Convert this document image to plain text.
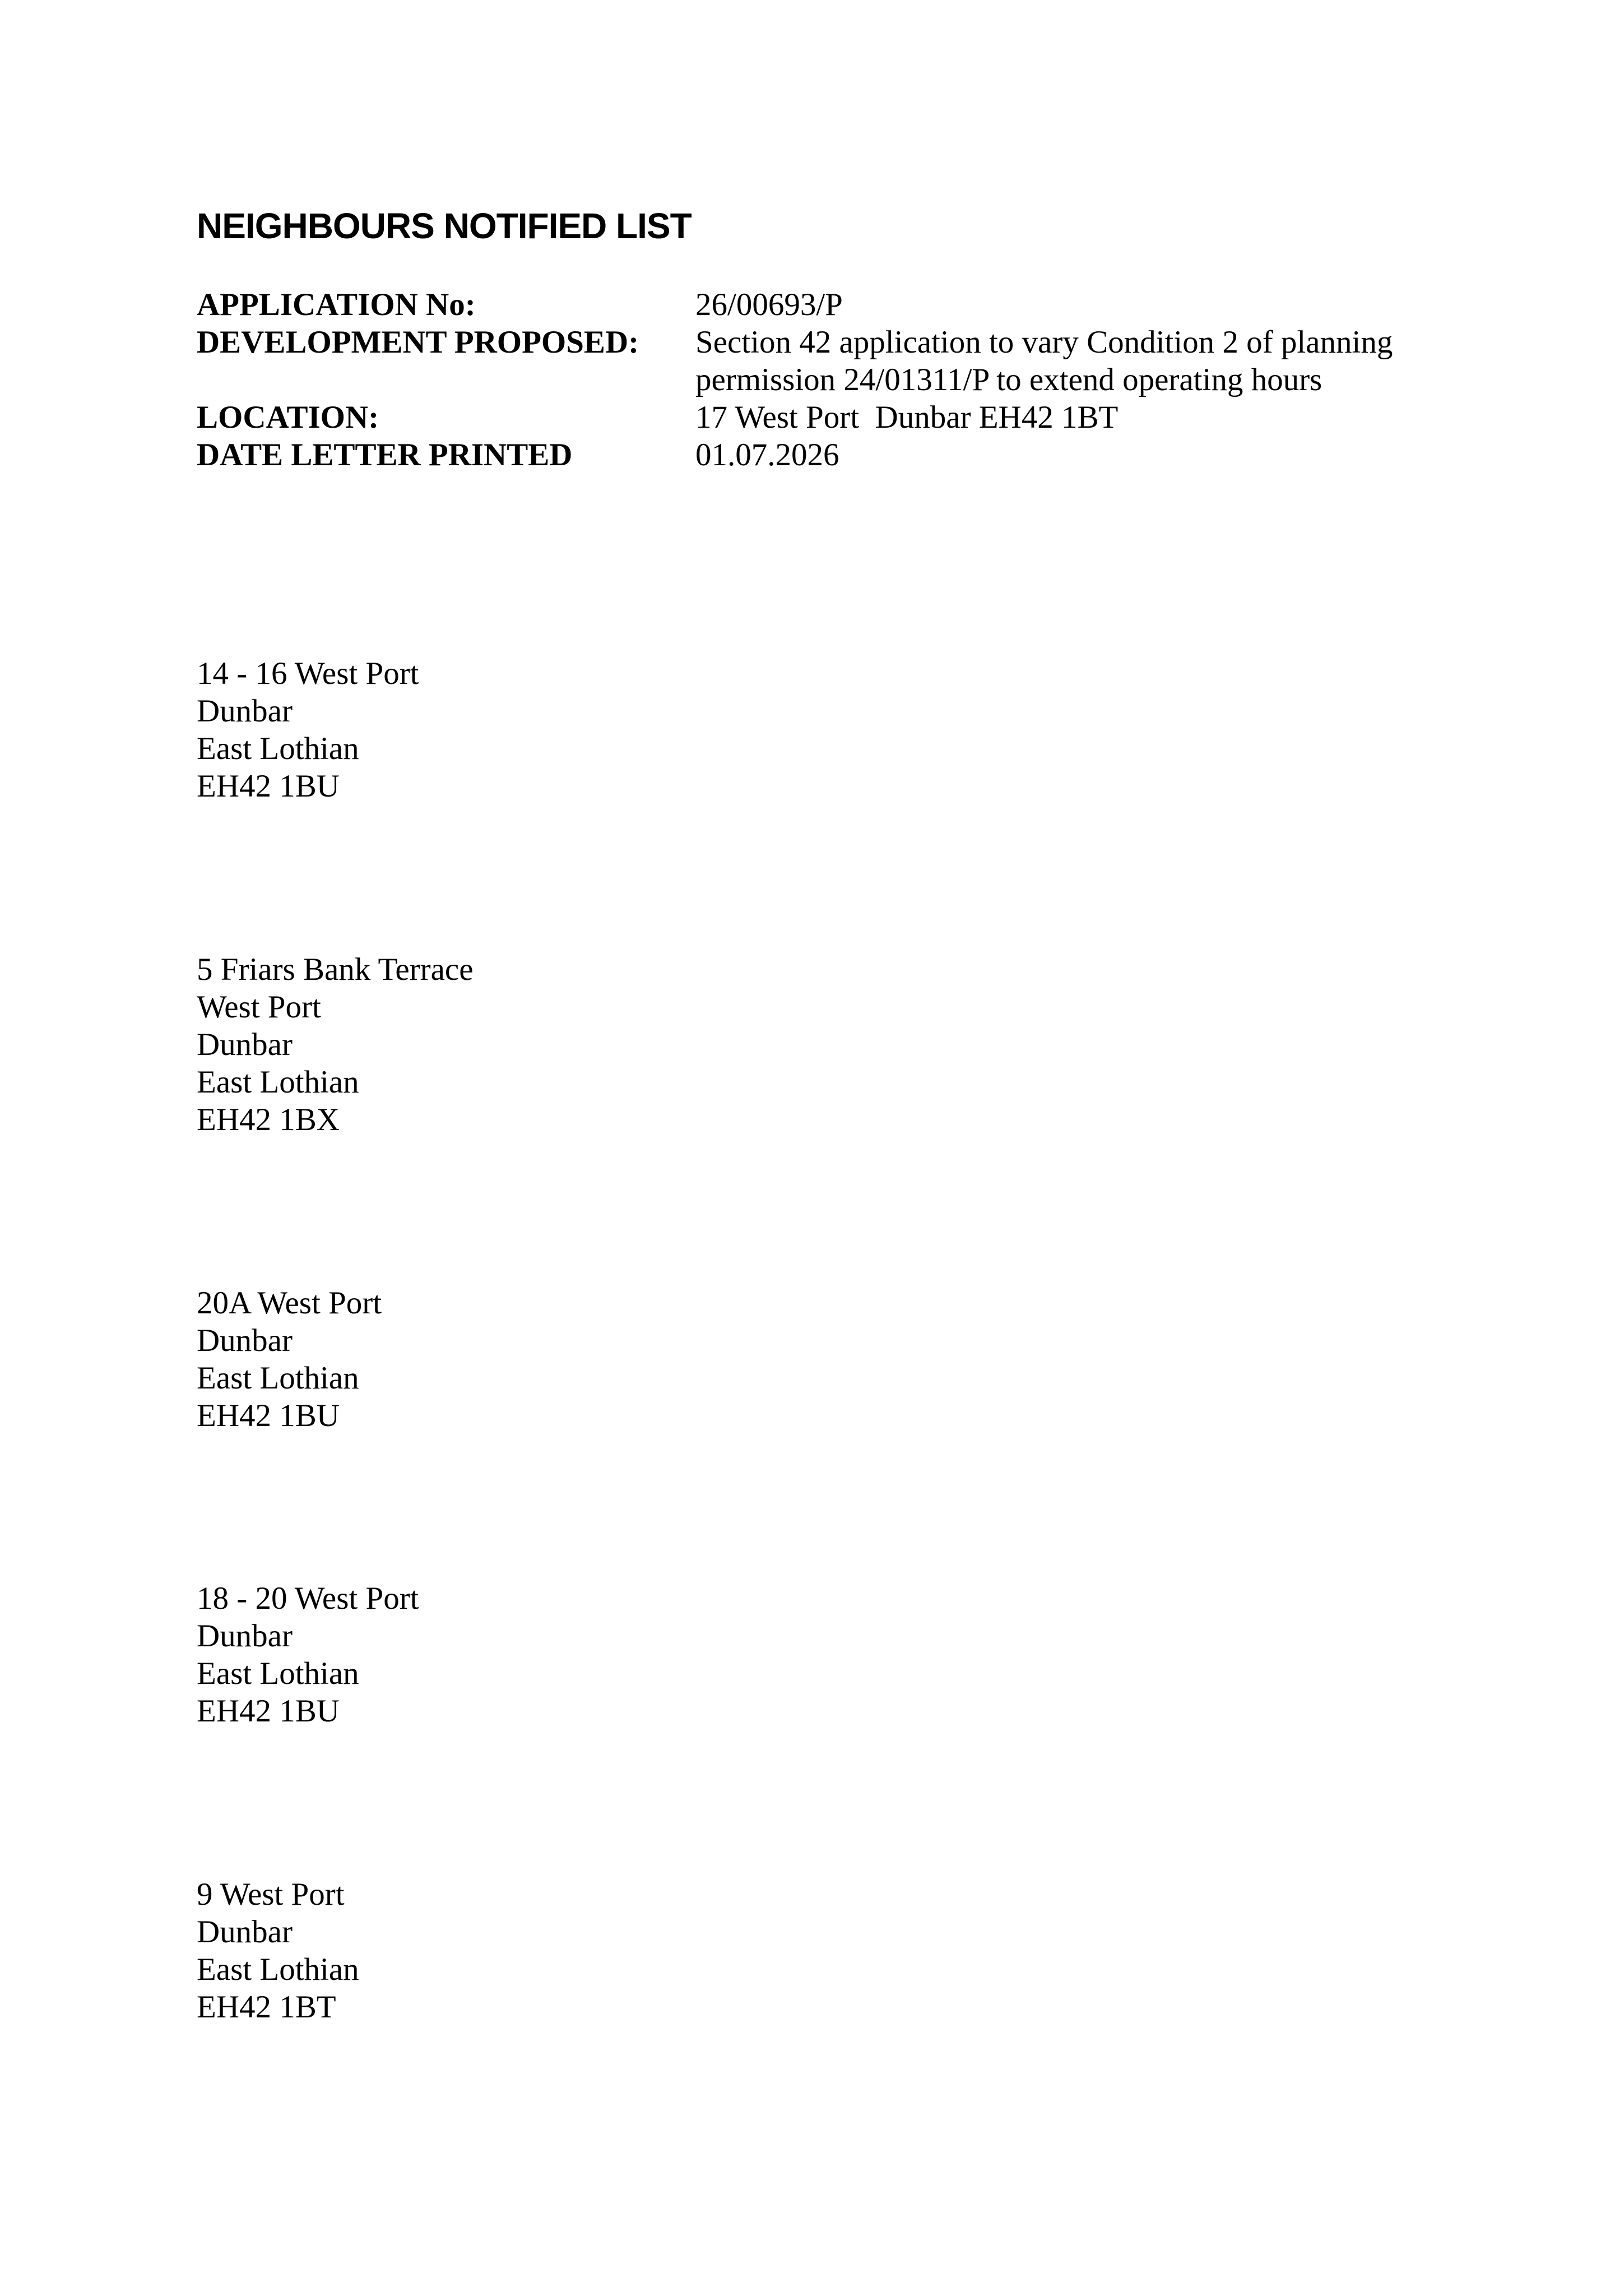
NEIGHBOURS NOTIFIED LIST
APPLICATION No:	26/00693/P
DEVELOPMENT PROPOSED:	Section 42 application to vary Condition 2 of planning permission 24/01311/P to extend operating hours
LOCATION:	17 West Port  Dunbar EH42 1BT
DATE LETTER PRINTED	01.07.2026
14 - 16 West Port
Dunbar
East Lothian
EH42 1BU
5 Friars Bank Terrace
West Port
Dunbar
East Lothian
EH42 1BX
20A West Port
Dunbar
East Lothian
EH42 1BU
18 - 20 West Port
Dunbar
East Lothian
EH42 1BU
9 West Port
Dunbar
East Lothian
EH42 1BT
